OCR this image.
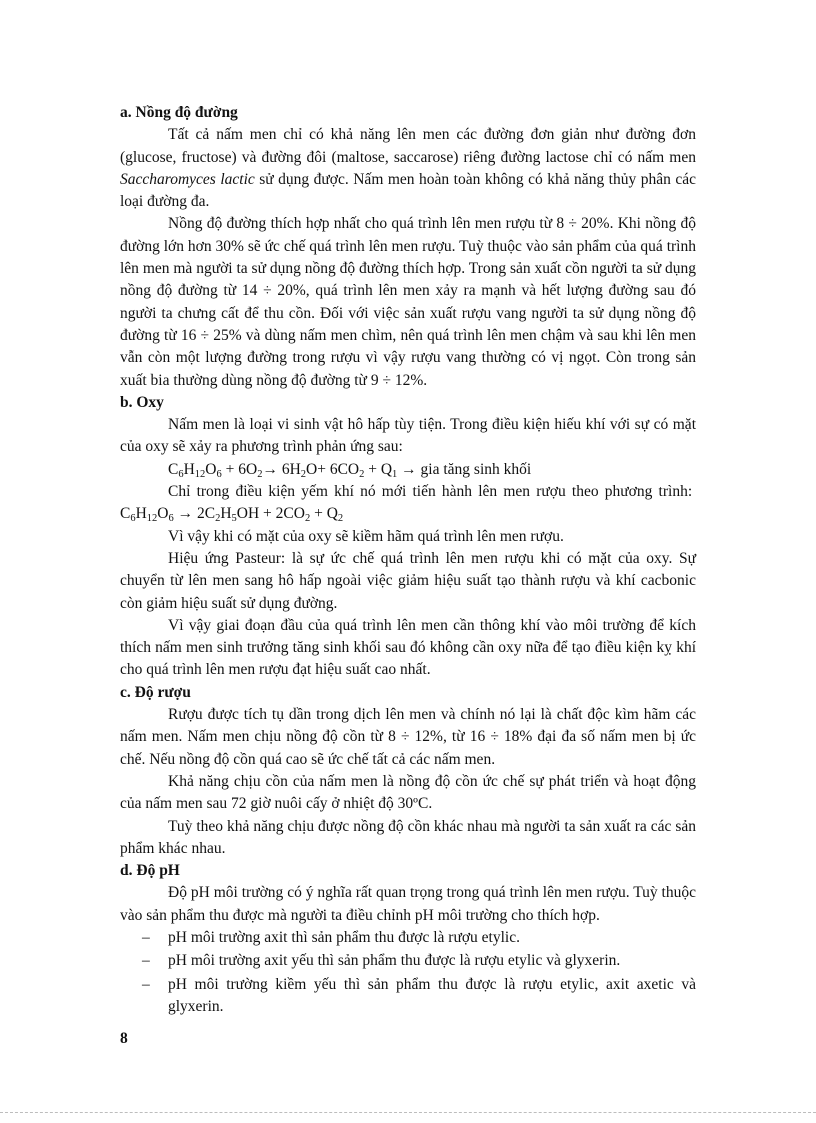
a. Nồng độ đường

Tất cả nấm men chỉ có khả năng lên men các đường đơn giản như đường đơn (glucose, fructose) và đường đôi (maltose, saccarose) riêng đường lactose chỉ có nấm men Saccharomyces lactic sử dụng được. Nấm men hoàn toàn không có khả năng thủy phân các loại đường đa.

Nồng độ đường thích hợp nhất cho quá trình lên men rượu từ 8 ÷ 20%. Khi nồng độ đường lớn hơn 30% sẽ ức chế quá trình lên men rượu. Tuỳ thuộc vào sản phẩm của quá trình lên men mà người ta sử dụng nồng độ đường thích hợp. Trong sản xuất cồn người ta sử dụng nồng độ đường từ 14 ÷ 20%, quá trình lên men xảy ra mạnh và hết lượng đường sau đó người ta chưng cất để thu cồn. Đối với việc sản xuất rượu vang người ta sử dụng nồng độ đường từ 16 ÷ 25% và dùng nấm men chìm, nên quá trình lên men chậm và sau khi lên men vẫn còn một lượng đường trong rượu vì vậy rượu vang thường có vị ngọt. Còn trong sản xuất bia thường dùng nồng độ đường từ 9 ÷ 12%.

b. Oxy

Nấm men là loại vi sinh vật hô hấp tùy tiện. Trong điều kiện hiếu khí với sự có mặt của oxy sẽ xảy ra phương trình phản ứng sau:

$C_6H_{12}O_6 + 6O_2\to 6H_2O+ 6CO_2 + Q_1$ → gia tăng sinh khối

Chỉ trong điều kiện yếm khí nó mới tiến hành lên men rượu theo phương trình:  $C_6H_{12}O_6 \to 2C_2H_5OH + 2CO_2 + Q_2$

Vì vậy khi có mặt của oxy sẽ kiềm hãm quá trình lên men rượu.

Hiệu ứng Pasteur: là sự ức chế quá trình lên men rượu khi có mặt của oxy. Sự chuyển từ lên men sang hô hấp ngoài việc giảm hiệu suất tạo thành rượu và khí cacbonic còn giảm hiệu suất sử dụng đường.

Vì vậy giai đoạn đầu của quá trình lên men cần thông khí vào môi trường để kích thích nấm men sinh trưởng tăng sinh khối sau đó không cần oxy nữa để tạo điều kiện kỵ khí cho quá trình lên men rượu đạt hiệu suất cao nhất.

c. Độ rượu

Rượu được tích tụ dần trong dịch lên men và chính nó lại là chất độc kìm hãm các nấm men. Nấm men chịu nồng độ cồn từ 8 ÷ 12%, từ 16 ÷ 18% đại đa số nấm men bị ức chế. Nếu nồng độ cồn quá cao sẽ ức chế tất cả các nấm men.

Khả năng chịu cồn của nấm men là nồng độ cồn ức chế sự phát triển và hoạt động của nấm men sau 72 giờ nuôi cấy ở nhiệt độ 30ºC.

Tuỳ theo khả năng chịu được nồng độ cồn khác nhau mà người ta sản xuất ra các sản phẩm khác nhau.

d. Độ pH

Độ pH môi trường có ý nghĩa rất quan trọng trong quá trình lên men rượu. Tuỳ thuộc vào sản phẩm thu được mà người ta điều chỉnh pH môi trường cho thích hợp.

– pH môi trường axit thì sản phẩm thu được là rượu etylic.
– pH môi trường axit yếu thì sản phẩm thu được là rượu etylic và glyxerin.
– pH môi trường kiềm yếu thì sản phẩm thu được là rượu etylic, axit axetic và glyxerin.
8
